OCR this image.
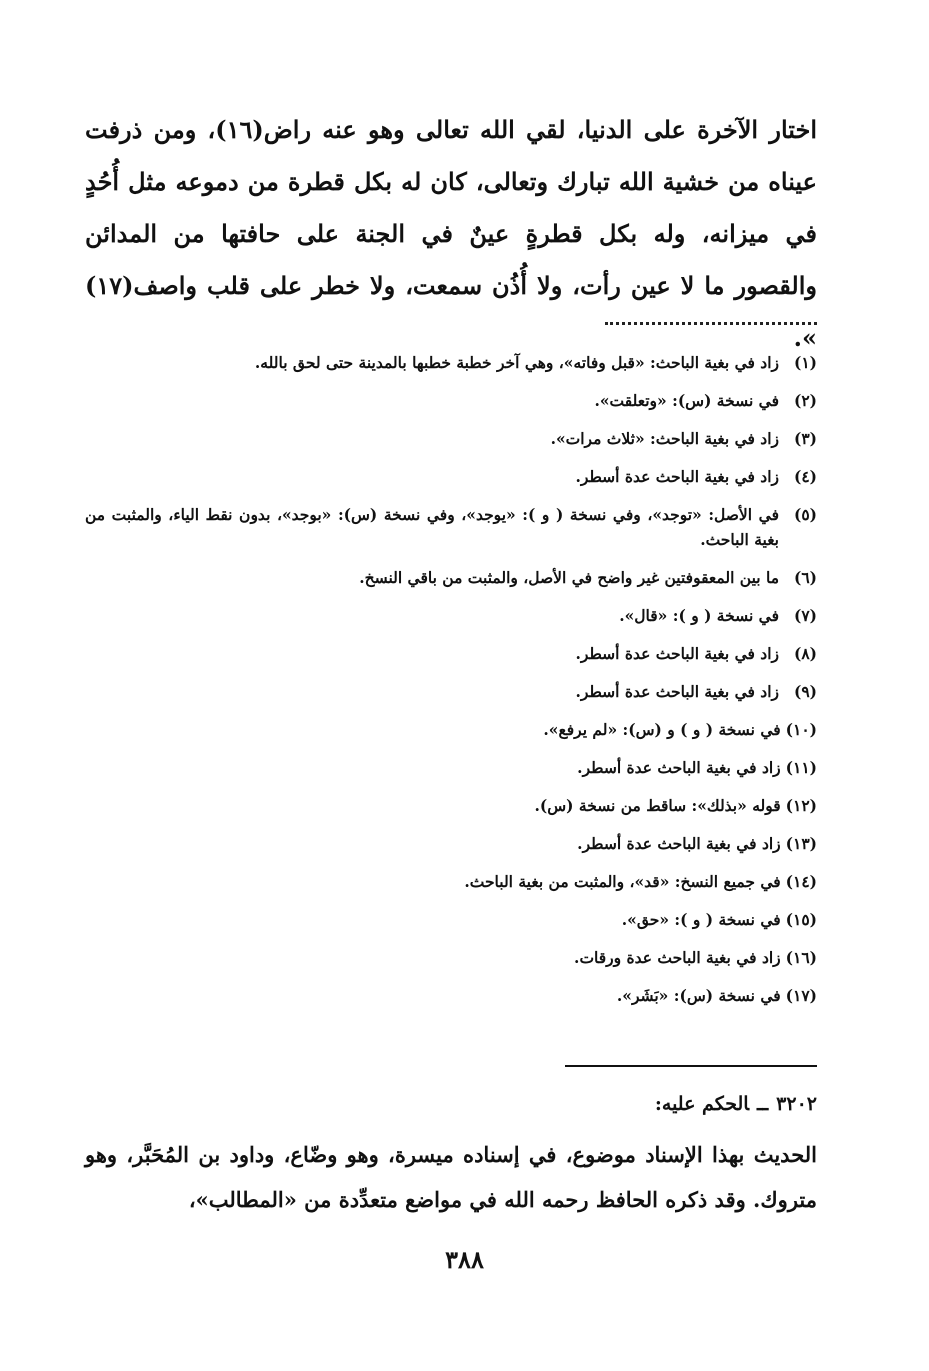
اختار الآخرة على الدنيا، لقي الله تعالى وهو عنه راض(١٦)، ومن ذرفت عيناه من خشية الله تبارك وتعالى، كان له بكل قطرة من دموعه مثل أُحُدٍ في ميزانه، وله بكل قطرةٍ عينٌ في الجنة على حافتها من المدائن والقصور ما لا عين رأت، ولا أُذُن سمعت، ولا خطر على قلب واصف(١٧) ».

(١)
زاد في بغية الباحث: «قبل وفاته»، وهي آخر خطبة خطبها بالمدينة حتى لحق بالله.
(٢)
في نسخة (س): «وتعلقت».
(٣)
زاد في بغية الباحث: «ثلاث مرات».
(٤)
زاد في بغية الباحث عدة أسطر.
(٥)
في الأصل: «توجد»، وفي نسخة ( و ): «يوجد»، وفي نسخة (س): «بوجد»، بدون نقط الياء، والمثبت من بغية الباحث.
(٦)
ما بين المعقوفتين غير واضح في الأصل، والمثبت من باقي النسخ.
(٧)
في نسخة ( و ): «قال».
(٨)
زاد في بغية الباحث عدة أسطر.
(٩)
زاد في بغية الباحث عدة أسطر.
(١٠)
في نسخة ( و ) و (س): «لم يرفع».
(١١)
زاد في بغية الباحث عدة أسطر.
(١٢)
قوله «بذلك»: ساقط من نسخة (س).
(١٣)
زاد في بغية الباحث عدة أسطر.
(١٤)
في جميع النسخ: «قد»، والمثبت من بغية الباحث.
(١٥)
في نسخة ( و ): «حق».
(١٦)
زاد في بغية الباحث عدة ورقات.
(١٧)
في نسخة (س): «بَشَر».
٣٢٠٢ــالحكم عليه:

الحديث بهذا الإسناد موضوع، في إسناده ميسرة، وهو وضّاع، وداود بن المُحَبَّر، وهو متروك. وقد ذكره الحافظ رحمه الله في مواضع متعدِّدة من «المطالب»،

٣٨٨
